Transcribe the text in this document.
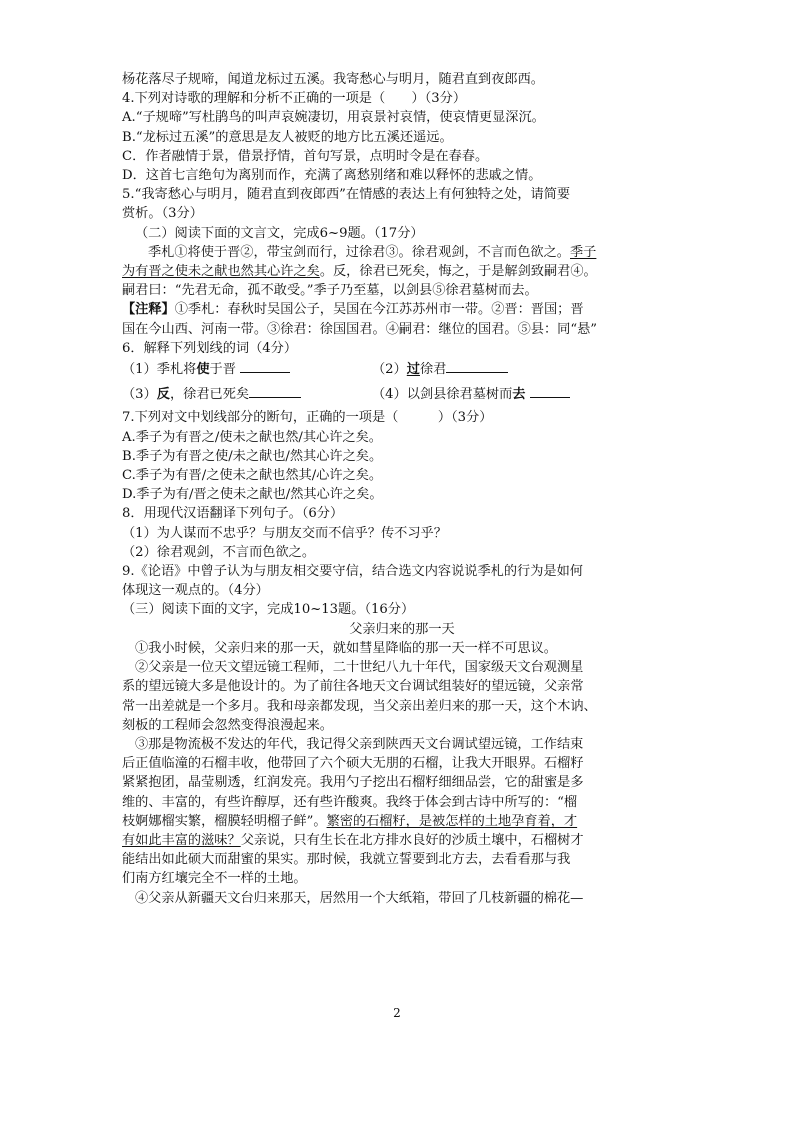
杨花落尽子规啼，闻道龙标过五溪。我寄愁心与明月，随君直到夜郎西。
4.下列对诗歌的理解和分析不正确的一项是（　　）（3分）
A.“子规啼”写杜鹃鸟的叫声哀婉凄切，用哀景衬哀情，使哀情更显深沉。
B.“龙标过五溪”的意思是友人被贬的地方比五溪还遥远。
C．作者融情于景，借景抒情，首句写景，点明时令是在春春。
D．这首七言绝句为离别而作，充满了离愁别绪和难以释怀的悲戚之情。
5.“我寄愁心与明月，随君直到夜郎西”在情感的表达上有何独特之处，请简要
赏析。（3分）
（二）阅读下面的文言文，完成6~9题。（17分）
季札①将使于晋②，带宝剑而行，过徐君③。徐君观剑，不言而色欲之。季子
为有晋之使未之献也然其心许之矣。反，徐君已死矣，悔之，于是解剑致嗣君④。
嗣君曰：“先君无命，孤不敢受。”季子乃至墓，以剑县⑤徐君墓树而去。
【注释】①季札：春秋时吴国公子，吴国在今江苏苏州市一带。②晋：晋国；晋
国在今山西、河南一带。③徐君：徐国国君。④嗣君：继位的国君。⑤县：同“悬”
6．解释下列划线的词（4分）
（1）季札将使于晋	（2）过徐君
（3）反，徐君已死矣	（4）以剑县徐君墓树而去
7.下列对文中划线部分的断句，正确的一项是（　　　）（3分）
A.季子为有晋之/使未之献也然/其心许之矣。
B.季子为有晋之使/未之献也/然其心许之矣。
C.季子为有晋/之使未之献也然其/心许之矣。
D.季子为有/晋之使未之献也/然其心许之矣。
8．用现代汉语翻译下列句子。（6分）
（1）为人谋而不忠乎？与朋友交而不信乎？传不习乎？
（2）徐君观剑，不言而色欲之。
9.《论语》中曾子认为与朋友相交要守信，结合选文内容说说季札的行为是如何
体现这一观点的。（4分）
（三）阅读下面的文字，完成10~13题。（16分）
父亲归来的那一天
①我小时候，父亲归来的那一天，就如彗星降临的那一天一样不可思议。
②父亲是一位天文望远镜工程师，二十世纪八九十年代，国家级天文台观测星
系的望远镜大多是他设计的。为了前往各地天文台调试组装好的望远镜，父亲常
常一出差就是一个多月。我和母亲都发现，当父亲出差归来的那一天，这个木讷、
刻板的工程师会忽然变得浪漫起来。
③那是物流极不发达的年代，我记得父亲到陕西天文台调试望远镜，工作结束
后正值临潼的石榴丰收，他带回了六个硕大无朋的石榴，让我大开眼界。石榴籽
紧紧抱团，晶莹剔透，红润发亮。我用勺子挖出石榴籽细细品尝，它的甜蜜是多
维的、丰富的，有些许醇厚，还有些许酸爽。我终于体会到古诗中所写的：“榴
枝婀娜榴实繁，榴膜轻明榴子鲜”。繁密的石榴籽，是被怎样的土地孕育着，才
有如此丰富的滋味？父亲说，只有生长在北方排水良好的沙质土壤中，石榴树才
能结出如此硕大而甜蜜的果实。那时候，我就立誓要到北方去，去看看那与我
们南方红壤完全不一样的土地。
④父亲从新疆天文台归来那天，居然用一个大纸箱，带回了几枝新疆的棉花—
2
